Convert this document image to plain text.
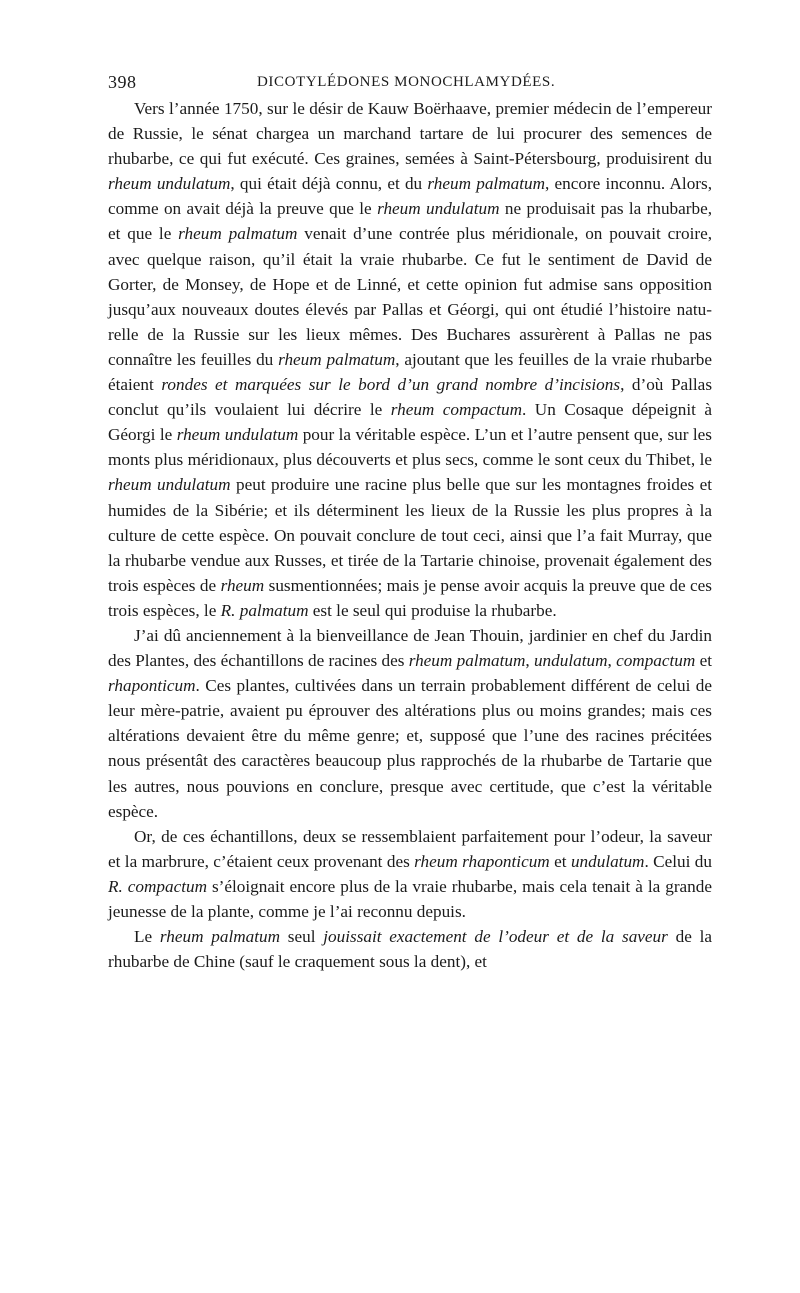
398	DICOTYLÉDONES MONOCHLAMYDÉES.

Vers l’année 1750, sur le désir de Kauw Boërhaave, premier médecin de l’empereur de Russie, le sénat chargea un marchand tartare de lui procurer des semences de rhubarbe, ce qui fut exécuté. Ces graines, semées à Saint-Pétersbourg, produisirent du rheum undulatum, qui était déjà connu, et du rheum palmatum, encore inconnu. Alors, comme on avait déjà la preuve que le rheum undulatum ne produisait pas la rhubarbe, et que le rheum palmatum venait d’une contrée plus méridionale, on pouvait croire, avec quelque raison, qu’il était la vraie rhubarbe. Ce fut le sentiment de David de Gorter, de Monsey, de Hope et de Linné, et cette opinion fut admise sans opposition jusqu’aux nouveaux doutes élevés par Pallas et Géorgi, qui ont étudié l’histoire naturelle de la Russie sur les lieux mêmes. Des Buchares assurèrent à Pallas ne pas connaître les feuilles du rheum palmatum, ajoutant que les feuilles de la vraie rhubarbe étaient rondes et marquées sur le bord d’un grand nombre d’incisions, d’où Pallas conclut qu’ils voulaient lui décrire le rheum compactum. Un Cosaque dépeignit à Géorgi le rheum undulatum pour la véritable espèce. L’un et l’autre pensent que, sur les monts plus méridionaux, plus découverts et plus secs, comme le sont ceux du Thibet, le rheum undulatum peut produire une racine plus belle que sur les montagnes froides et humides de la Sibérie; et ils déterminent les lieux de la Russie les plus propres à la culture de cette espèce. On pouvait conclure de tout ceci, ainsi que l’a fait Murray, que la rhubarbe vendue aux Russes, et tirée de la Tartarie chinoise, provenait également des trois espèces de rheum susmentionnées; mais je pense avoir acquis la preuve que de ces trois espèces, le R. palmatum est le seul qui produise la rhubarbe.

J’ai dû anciennement à la bienveillance de Jean Thouin, jardinier en chef du Jardin des Plantes, des échantillons de racines des rheum palmatum, undulatum, compactum et rhaponticum. Ces plantes, cultivées dans un terrain probablement différent de celui de leur mère-patrie, avaient pu éprouver des altérations plus ou moins grandes; mais ces altérations devaient être du même genre; et, supposé que l’une des racines précitées nous présentât des caractères beaucoup plus rapprochés de la rhubarbe de Tartarie que les autres, nous pouvions en conclure, presque avec certitude, que c’est la véritable espèce.

Or, de ces échantillons, deux se ressemblaient parfaitement pour l’odeur, la saveur et la marbrure, c’étaient ceux provenant des rheum rhaponticum et undulatum. Celui du R. compactum s’éloignait encore plus de la vraie rhubarbe, mais cela tenait à la grande jeunesse de la plante, comme je l’ai reconnu depuis.

Le rheum palmatum seul jouissait exactement de l’odeur et de la saveur de la rhubarbe de Chine (sauf le craquement sous la dent), et
